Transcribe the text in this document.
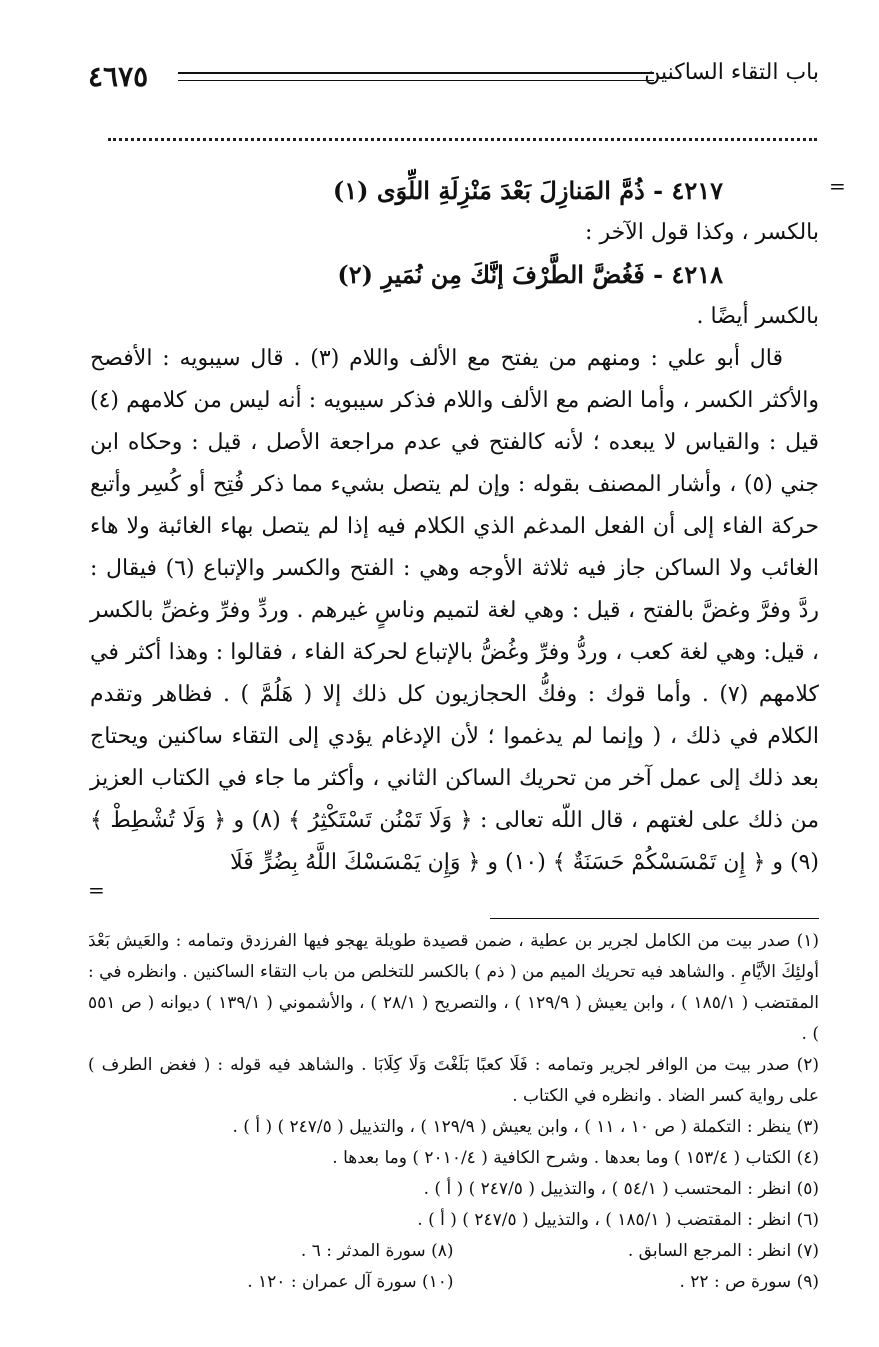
٤٦٧٥	باب التقاء الساكنين
=
=
٤٢١٧ - ذُمَّ المَنازِلَ بَعْدَ مَنْزِلَةِ اللِّوَى (١)
بالكسر ، وكذا قول الآخر :
٤٢١٨ - فَغُضَّ الطَّرْفَ إنَّكَ مِن نُمَيرِ (٢)
بالكسر أيضًا .
قال أبو علي : ومنهم من يفتح مع الألف واللام (٣) . قال سيبويه : الأفصح والأكثر الكسر ، وأما الضم مع الألف واللام فذكر سيبويه : أنه ليس من كلامهم (٤) قيل : والقياس لا يبعده ؛ لأنه كالفتح في عدم مراجعة الأصل ، قيل : وحكاه ابن جني (٥) ، وأشار المصنف بقوله : وإن لم يتصل بشيء مما ذكر فُتِح أو كُسِر وأتبع حركة الفاء إلى أن الفعل المدغم الذي الكلام فيه إذا لم يتصل بهاء الغائبة ولا هاء الغائب ولا الساكن جاز فيه ثلاثة الأوجه وهي : الفتح والكسر والإتباع (٦) فيقال : ردَّ وفرَّ وغضَّ بالفتح ، قيل : وهي لغة لتميم وناسٍ غيرهم . وردِّ وفرِّ وغضِّ بالكسر ، قيل: وهي لغة كعب ، وردُّ وفرِّ وغُضُّ بالإتباع لحركة الفاء ، فقالوا : وهذا أكثر في كلامهم (٧) . وأما قوك : وفكُّ الحجازيون كل ذلك إلا ( هَلُمَّ ) . فظاهر وتقدم الكلام في ذلك ، ( وإنما لم يدغموا ؛ لأن الإدغام يؤدي إلى التقاء ساكنين ويحتاج بعد ذلك إلى عمل آخر من تحريك الساكن الثاني ، وأكثر ما جاء في الكتاب العزيز من ذلك على لغتهم ، قال اللّه تعالى : ﴿ وَلَا تَمْنُن تَسْتَكْثِرُ ﴾ (٨) و ﴿ وَلَا تُشْطِطْ ﴾ (٩) و ﴿ إِن تَمْسَسْكُمْ حَسَنَةٌ ﴾ (١٠) و ﴿ وَإِن يَمْسَسْكَ اللَّهُ بِضُرٍّ فَلَا
(١) صدر بيت من الكامل لجرير بن عطية ، ضمن قصيدة طويلة يهجو فيها الفرزدق وتمامه : والعَيش بَعْدَ أولئِكَ الأيَّامِ . والشاهد فيه تحريك الميم من ( ذم ) بالكسر للتخلص من باب التقاء الساكنين . وانظره في : المقتضب ( ١٨٥/١ ) ، وابن يعيش ( ١٢٩/٩ ) ، والتصريح ( ٢٨/١ ) ، والأشموني ( ١٣٩/١ ) ديوانه ( ص ٥٥١ ) .
(٢) صدر بيت من الوافر لجرير وتمامه : فَلَا كعبًا بَلَغْتَ وَلَا كِلَابَا . والشاهد فيه قوله : ( فغض الطرف ) على رواية كسر الضاد . وانظره في الكتاب .
(٣) ينظر : التكملة ( ص ١٠ ، ١١ ) ، وابن يعيش ( ١٢٩/٩ ) ، والتذييل ( ٢٤٧/٥ ) ( أ ) .
(٤) الكتاب ( ١٥٣/٤ ) وما بعدها . وشرح الكافية ( ٢٠١٠/٤ ) وما بعدها .
(٥) انظر : المحتسب ( ٥٤/١ ) ، والتذييل ( ٢٤٧/٥ ) ( أ ) .
(٦) انظر : المقتضب ( ١٨٥/١ ) ، والتذييل ( ٢٤٧/٥ ) ( أ ) .
(٧) انظر : المرجع السابق .
(٨) سورة المدثر : ٦ .
(٩) سورة ص : ٢٢ .
(١٠) سورة آل عمران : ١٢٠ .
